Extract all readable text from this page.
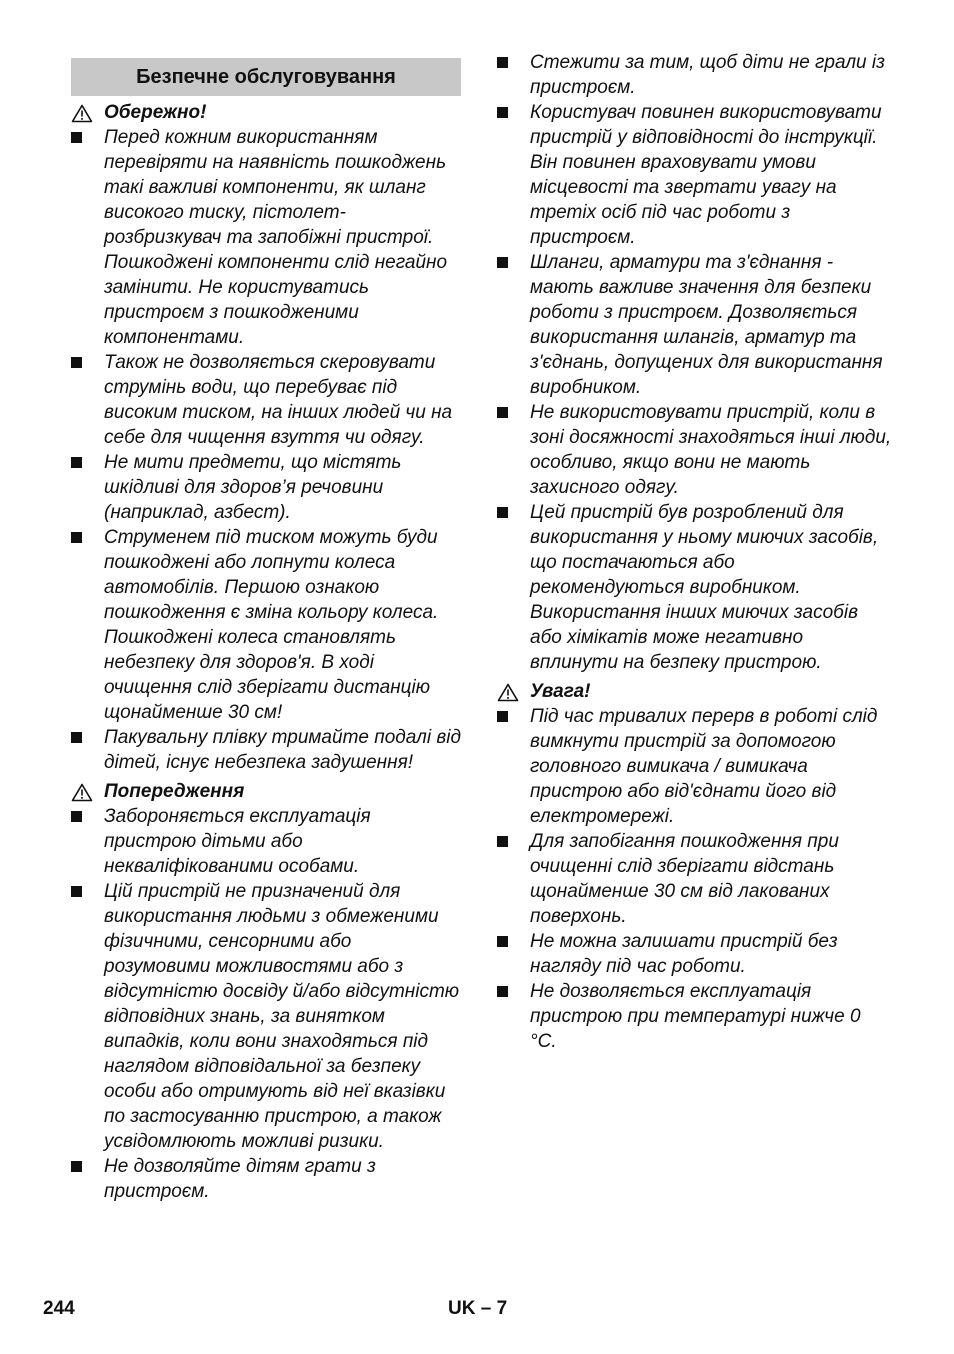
Безпечне обслуговування
Обережно!
Перед кожним використанням перевіряти на наявність пошкоджень такі важливі компоненти, як шланг високого тиску, пістолет-розбризкувач та запобіжні пристрої. Пошкоджені компоненти слід негайно замінити. Не користуватись пристроєм з пошкодженими компонентами.
Також не дозволяється скеровувати струмінь води, що перебуває під високим тиском, на інших людей чи на себе для чищення взуття чи одягу.
Не мити предмети, що містять шкідливі для здоров’я речовини (наприклад, азбест).
Струменем під тиском можуть буди пошкоджені або лопнути колеса автомобілів. Першою ознакою пошкодження є зміна кольору колеса. Пошкоджені колеса становлять небезпеку для здоров'я. В ході очищення слід зберігати дистанцію щонайменше 30 см!
Пакувальну плівку тримайте подалі від дітей, існує небезпека задушення!
Попередження
Забороняється експлуатація пристрою дітьми або некваліфікованими особами.
Цій пристрій не призначений для використання людьми з обмеженими фізичними, сенсорними або розумовими можливостями або з відсутністю досвіду й/або відсутністю відповідних знань, за винятком випадків, коли вони знаходяться під наглядом відповідальної за безпеку особи або отримують від неї вказівки по застосуванню пристрою, а також усвідомлюють можливі ризики.
Не дозволяйте дітям грати з пристроєм.
Стежити за тим, щоб діти не грали із пристроєм.
Користувач повинен використовувати пристрій у відповідності до інструкції. Він повинен враховувати умови місцевості та звертати увагу на третіх осіб під час роботи з пристроєм.
Шланги, арматури та з'єднання - мають важливе значення для безпеки роботи з пристроєм. Дозволяється використання шлангів, арматур та з'єднань, допущених для використання виробником.
Не використовувати пристрій, коли в зоні досяжності знаходяться інші люди, особливо, якщо вони не мають захисного одягу.
Цей пристрій був розроблений для використання у ньому миючих засобів, що постачаються або рекомендуються виробником. Використання інших миючих засобів або хімікатів може негативно вплинути на безпеку пристрою.
Увага!
Під час тривалих перерв в роботі слід вимкнути пристрій за допомогою головного вимикача / вимикача пристрою або від'єднати його від електромережі.
Для запобігання пошкодження при очищенні слід зберігати відстань щонайменше 30 см від лакованих поверхонь.
Не можна залишати пристрій без нагляду під час роботи.
Не дозволяється експлуатація пристрою при температурі нижче 0 °C.
244	UK – 7
